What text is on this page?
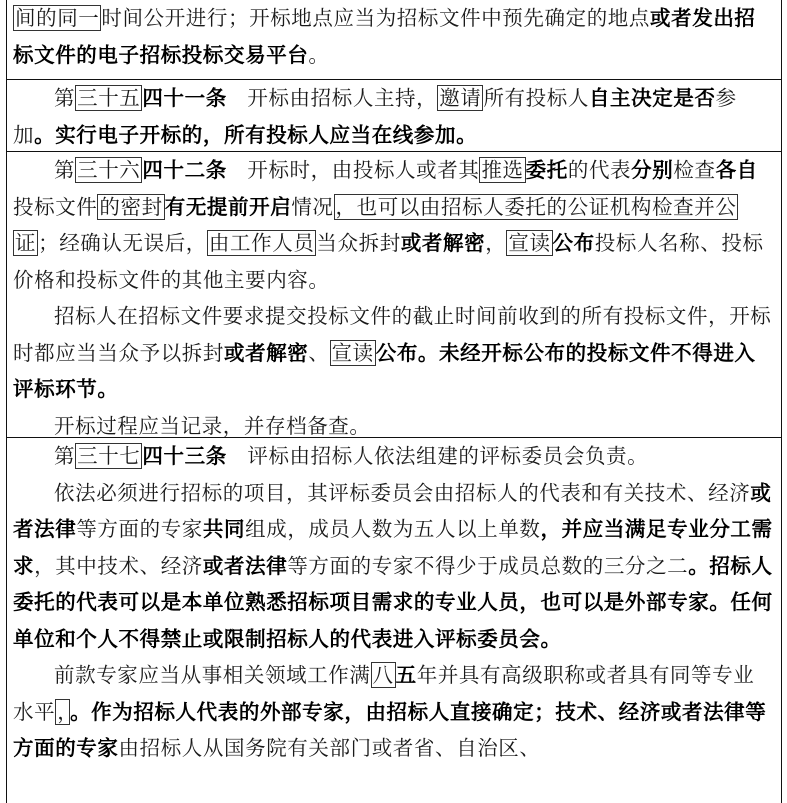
间的同一时间公开进行；开标地点应当为招标文件中预先确定的地点或者发出招标文件的电子招标投标交易平台。

第三十五四十一条 开标由招标人主持，邀请所有投标人自主决定是否参加。实行电子开标的，所有投标人应当在线参加。

第三十六四十二条 开标时，由投标人或者其推选委托的代表分别检查各自投标文件的密封有无提前开启情况，也可以由招标人委托的公证机构检查并公证；经确认无误后，由工作人员当众拆封或者解密，宣读公布投标人名称、投标价格和投标文件的其他主要内容。

招标人在招标文件要求提交投标文件的截止时间前收到的所有投标文件，开标时都应当当众予以拆封或者解密、宣读公布。未经开标公布的投标文件不得进入评标环节。

开标过程应当记录，并存档备查。

第三十七四十三条 评标由招标人依法组建的评标委员会负责。

依法必须进行招标的项目，其评标委员会由招标人的代表和有关技术、经济或者法律等方面的专家共同组成，成员人数为五人以上单数，并应当满足专业分工需求，其中技术、经济或者法律等方面的专家不得少于成员总数的三分之二。招标人委托的代表可以是本单位熟悉招标项目需求的专业人员，也可以是外部专家。任何单位和个人不得禁止或限制招标人的代表进入评标委员会。

前款专家应当从事相关领域工作满八五年并具有高级职称或者具有同等专业水平，。作为招标人代表的外部专家，由招标人直接确定；技术、经济或者法律等方面的专家由招标人从国务院有关部门或者省、自治区、
